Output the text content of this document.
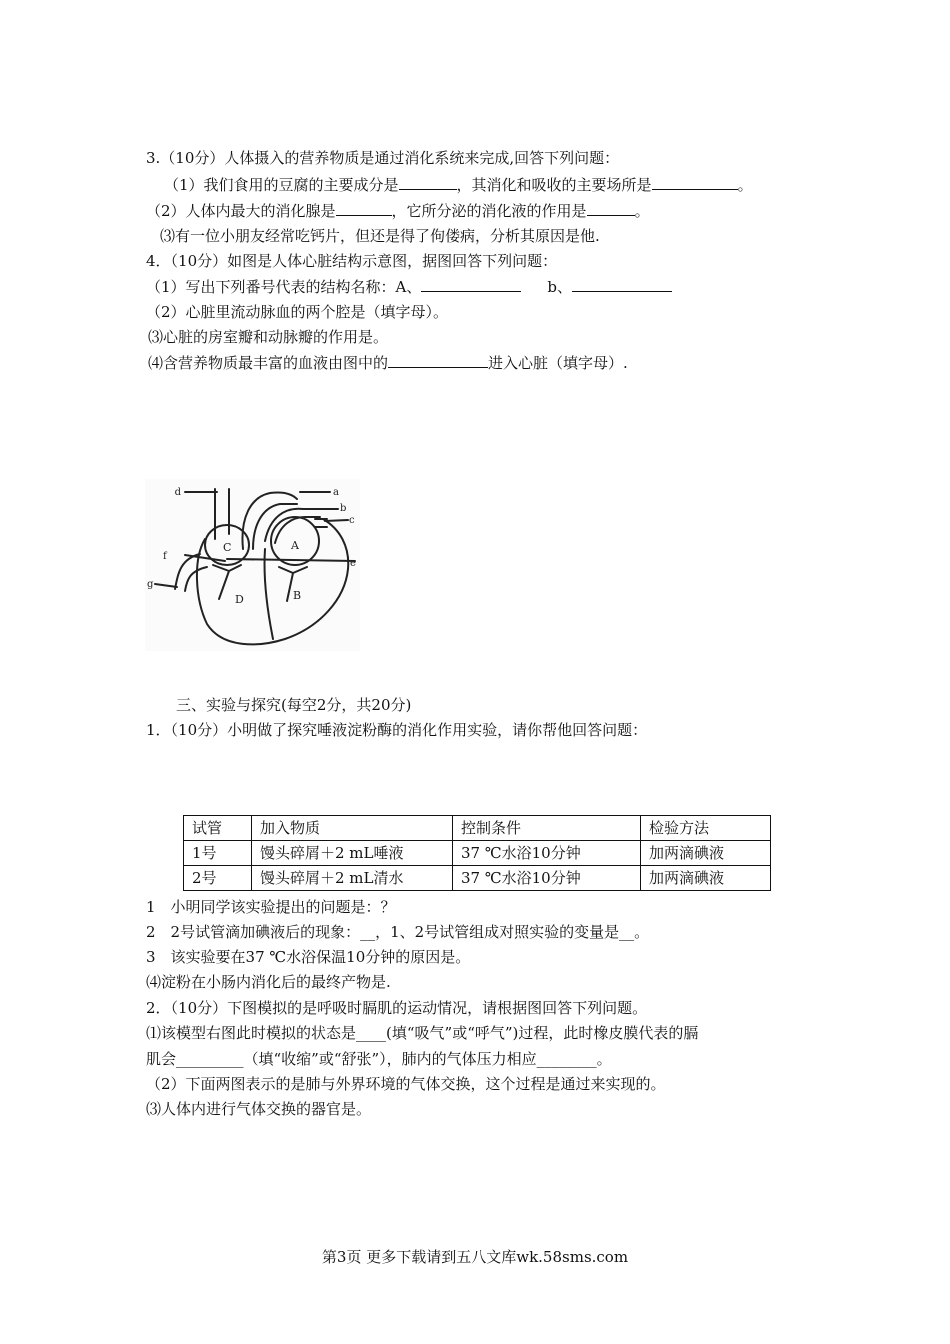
3.（10分）人体摄入的营养物质是通过消化系统来完成,回答下列问题：
（1）我们食用的豆腐的主要成分是	，其消化和吸收的主要场所是	。
（2）人体内最大的消化腺是	，它所分泌的消化液的作用是	。
⑶有一位小朋友经常吃钙片，但还是得了佝偻病，分析其原因是他.
4．（10分）如图是人体心脏结构示意图，据图回答下列问题：
（1）写出下列番号代表的结构名称：A、	b、
（2）心脏里流动脉血的两个腔是（填字母）。
⑶心脏的房室瓣和动脉瓣的作用是。
⑷含营养物质最丰富的血液由图中的	进入心脏（填字母）.
d	a
b
c
e
f
g
C	A
D	B
三、实验与探究(每空2分，共20分)
1．（10分）小明做了探究唾液淀粉酶的消化作用实验，请你帮他回答问题：
试管	加入物质	控制条件	检验方法
1号	馒头碎屑＋2 mL唾液	37 ℃水浴10分钟	加两滴碘液
2号	馒头碎屑＋2 mL清水	37 ℃水浴10分钟	加两滴碘液
1　小明同学该实验提出的问题是：？
2　2号试管滴加碘液后的现象：__，1、2号试管组成对照实验的变量是__。
3　该实验要在37 ℃水浴保温10分钟的原因是。
⑷淀粉在小肠内消化后的最终产物是.
2．（10分）下图模拟的是呼吸时膈肌的运动情况，请根据图回答下列问题。
⑴该模型右图此时模拟的状态是____(填“吸气”或“呼气”)过程，此时橡皮膜代表的膈
肌会_________（填“收缩”或“舒张”），肺内的气体压力相应________。
（2）下面两图表示的是肺与外界环境的气体交换，这个过程是通过来实现的。
⑶人体内进行气体交换的器官是。
第3页 更多下载请到五八文库wk.58sms.com
